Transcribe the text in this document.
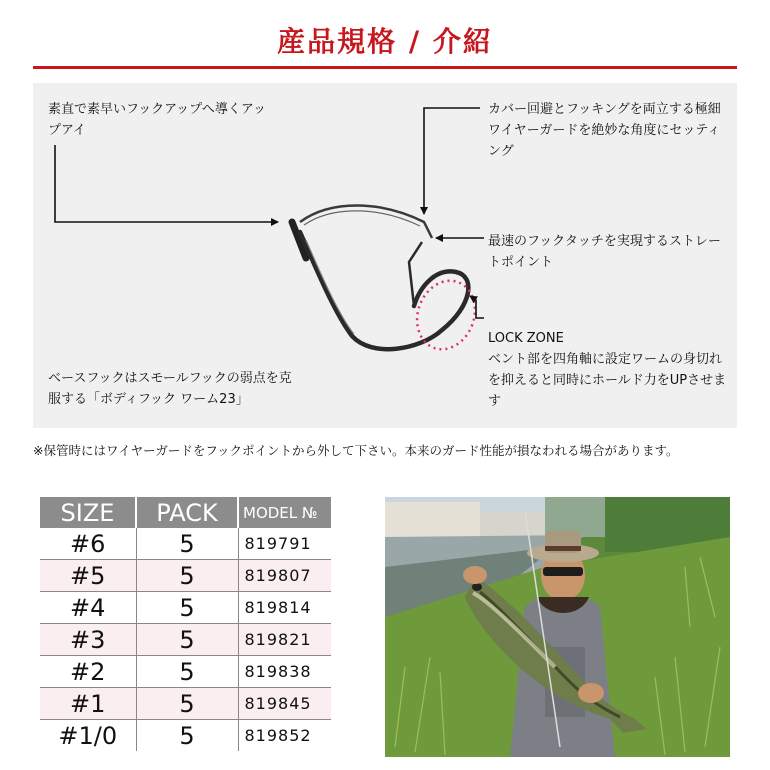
産品規格 / 介紹
素直で素早いフックアップへ導くアップアイ
カバー回避とフッキングを両立する極細ワイヤーガードを絶妙な角度にセッティング
最速のフックタッチを実現するストレートポイント
LOCK ZONE
ベント部を四角軸に設定ワームの身切れを抑えると同時にホールド力をUPさせます
ベースフックはスモールフックの弱点を克服する「ボディフック ワーム23」
※保管時にはワイヤーガードをフックポイントから外して下さい。本来のガード性能が損なわれる場合があります。
SIZE	PACK	MODEL №
#6	5	819791
#5	5	819807
#4	5	819814
#3	5	819821
#2	5	819838
#1	5	819845
#1/0	5	819852
